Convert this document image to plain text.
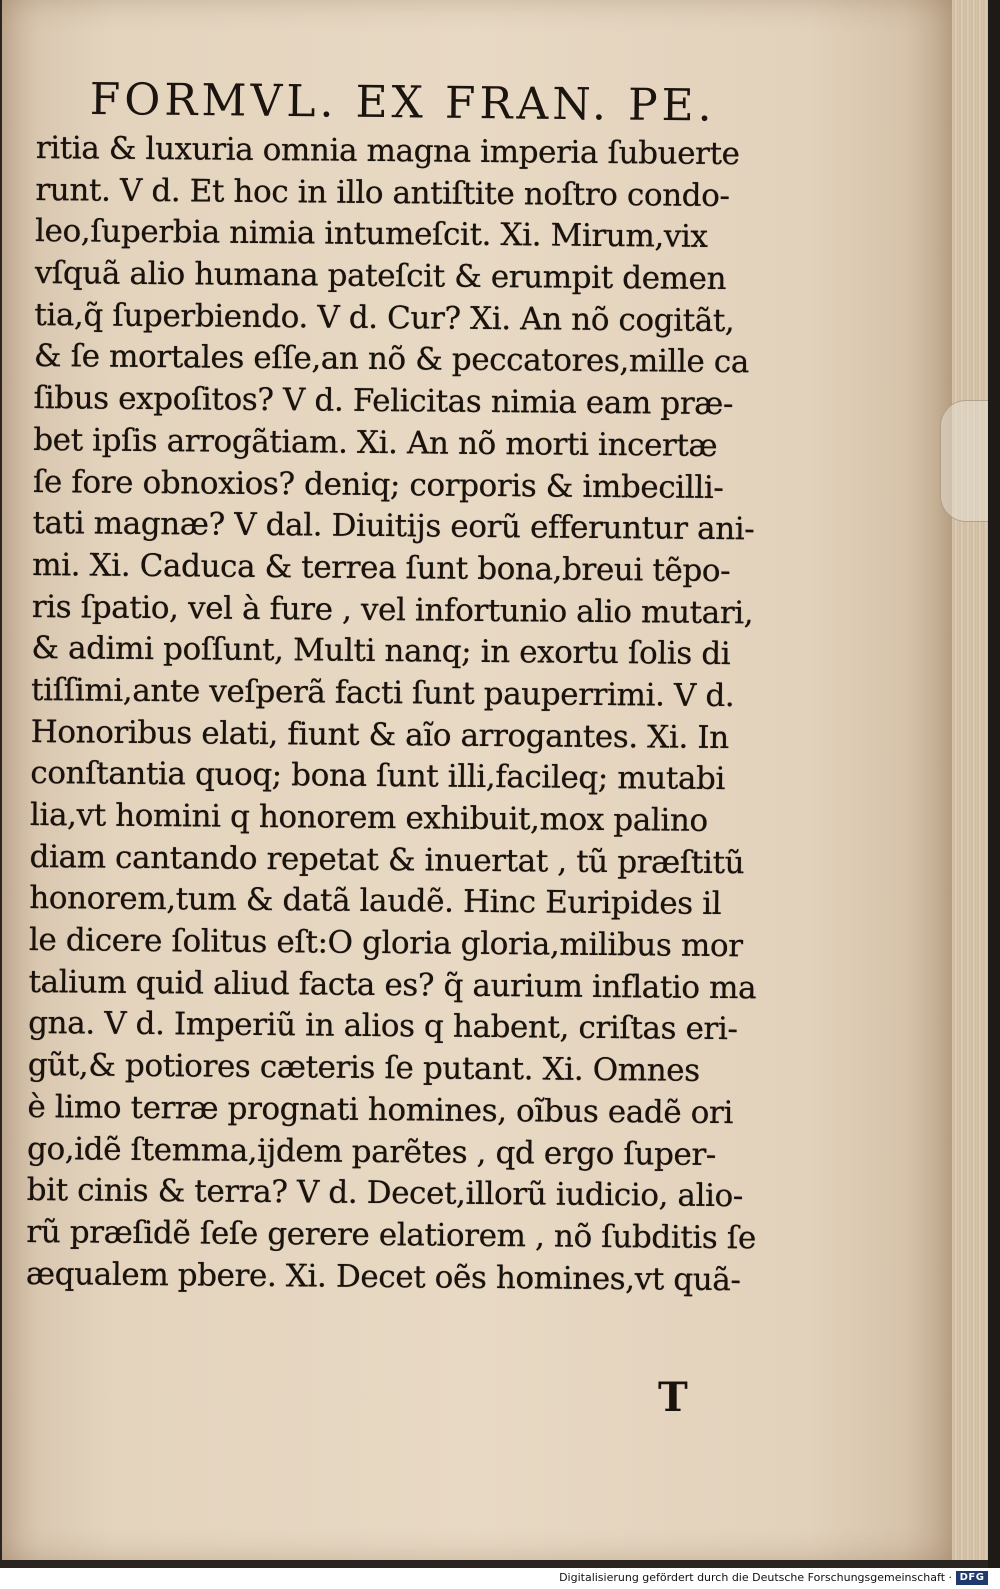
FORMVL. EX FRAN. PE.
ritia & luxuria omnia magna imperia ſubuerte
runt. V d. Et hoc in illo antiſtite noſtro condo-
leo,ſuperbia nimia intumeſcit. Xi. Mirum,vix
vſquã alio humana pateſcit & erumpit demen
tia,q̃ ſuperbiendo. V d. Cur? Xi. An nõ cogitãt,
& ſe mortales eſſe,an nõ & peccatores,mille ca
ſibus expoſitos? V d. Felicitas nimia eam præ-
bet ipſis arrogãtiam. Xi. An nõ morti incertæ
ſe fore obnoxios? deniq; corporis & imbecilli-
tati magnæ? V dal. Diuitijs eorũ efferuntur ani-
mi. Xi. Caduca & terrea ſunt bona,breui tẽpo-
ris ſpatio, vel à fure , vel infortunio alio mutari,
& adimi poſſunt, Multi nanq; in exortu ſolis di
tiſſimi,ante veſperã facti ſunt pauperrimi. V d.
Honoribus elati, fiunt & aĩo arrogantes. Xi. In
conſtantia quoq; bona ſunt illi,facileq; mutabi
lia,vt homini q honorem exhibuit,mox palino
diam cantando repetat & inuertat , tũ præſtitũ
honorem,tum & datã laudẽ. Hinc Euripides il
le dicere ſolitus eſt:O gloria gloria,milibus mor
talium quid aliud facta es? q̃ aurium inflatio ma
gna. V d. Imperiũ in alios q habent, criſtas eri-
gũt,& potiores cæteris ſe putant. Xi. Omnes
è limo terræ prognati homines, oĩbus eadẽ ori
go,idẽ ſtemma,ijdem parẽtes , qd ergo ſuper-
bit cinis & terra? V d. Decet,illorũ iudicio, alio-
rũ præſidẽ ſeſe gerere elatiorem , nõ ſubditis ſe
æqualem pbere. Xi. Decet oẽs homines,vt quã-
T
Digitalisierung gefördert durch die Deutsche Forschungsgemeinschaft · DFG
